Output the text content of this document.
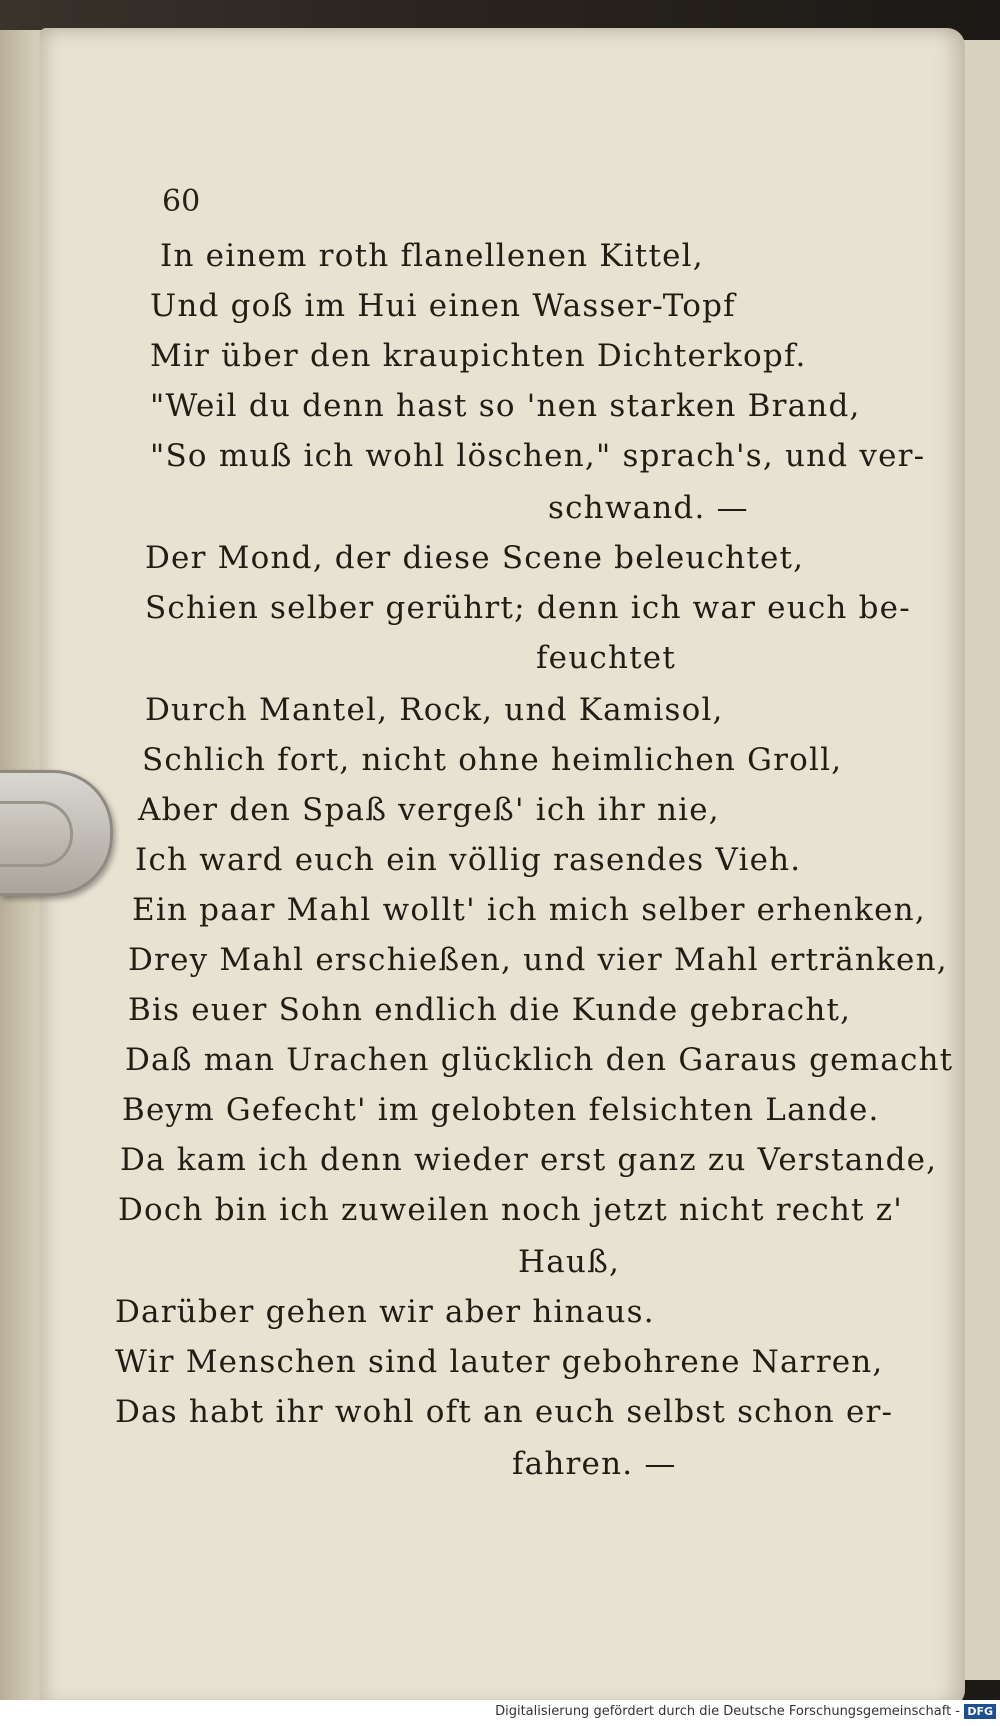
60
In einem roth flanellenen Kittel,
Und goß im Hui einen Wasser-Topf
Mir über den kraupichten Dichterkopf.
"Weil du denn hast so 'nen starken Brand,
"So muß ich wohl löschen," sprach's, und ver-
schwand. —
Der Mond, der diese Scene beleuchtet,
Schien selber gerührt; denn ich war euch be-
feuchtet
Durch Mantel, Rock, und Kamisol,
Schlich fort, nicht ohne heimlichen Groll,
Aber den Spaß vergeß' ich ihr nie,
Ich ward euch ein völlig rasendes Vieh.
Ein paar Mahl wollt' ich mich selber erhenken,
Drey Mahl erschießen, und vier Mahl ertränken,
Bis euer Sohn endlich die Kunde gebracht,
Daß man Urachen glücklich den Garaus gemacht
Beym Gefecht' im gelobten felsichten Lande.
Da kam ich denn wieder erst ganz zu Verstande,
Doch bin ich zuweilen noch jetzt nicht recht z'
Hauß,
Darüber gehen wir aber hinaus.
Wir Menschen sind lauter gebohrene Narren,
Das habt ihr wohl oft an euch selbst schon er-
fahren. —
Digitalisierung gefördert durch die Deutsche Forschungsgemeinschaft - DFG
